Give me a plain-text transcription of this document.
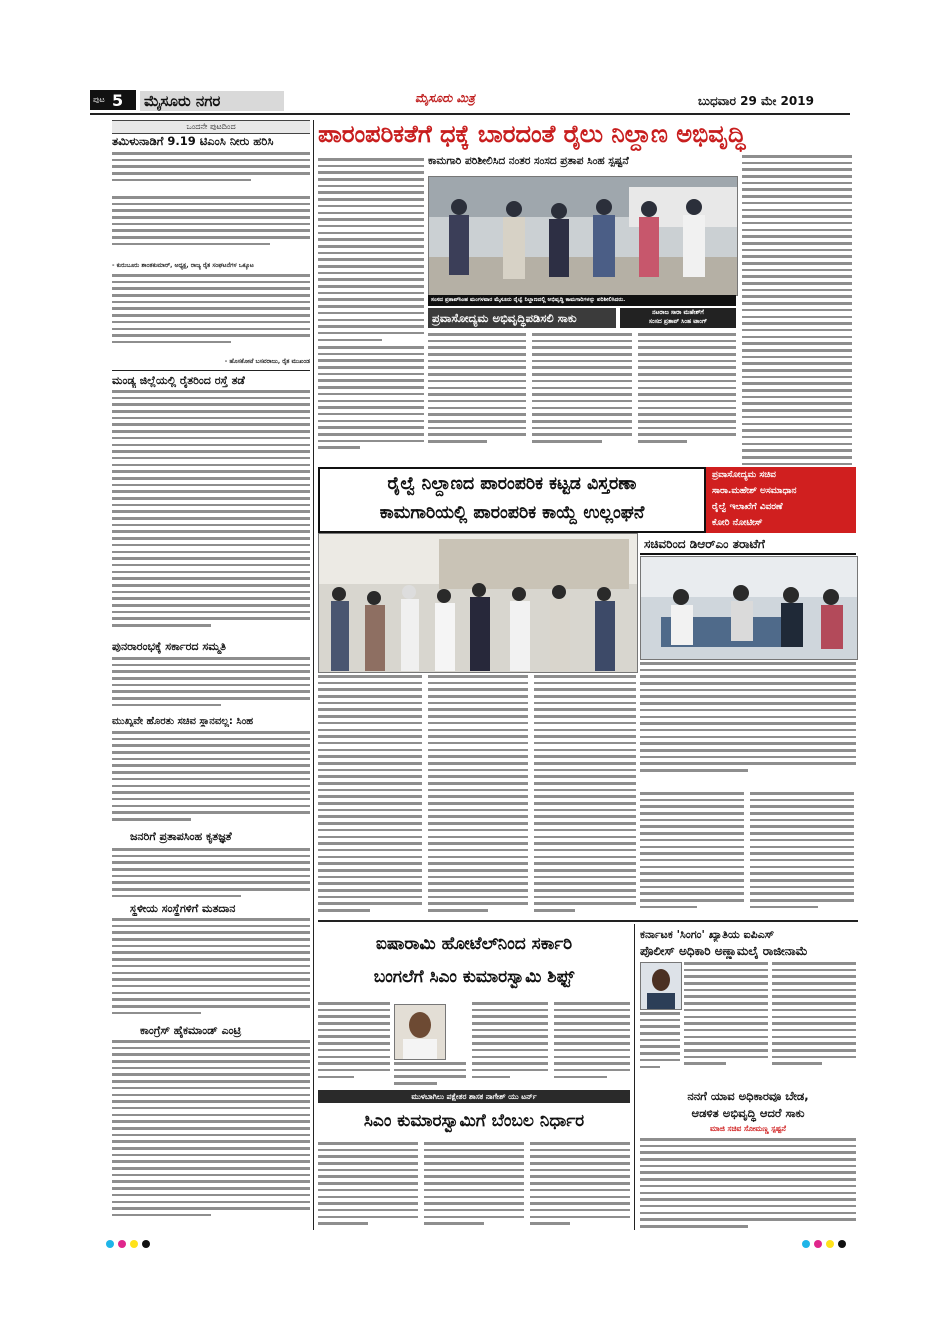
ಪುಟ 5 ಮೈಸೂರು ನಗರ	ಮೈಸೂರು ಮಿತ್ರ	ಬುಧವಾರ 29 ಮೇ 2019
ಒಂದನೇ ಪುಟದಿಂದ
ತಮಿಳುನಾಡಿಗೆ 9.19 ಟಿಎಂಸಿ ನೀರು ಹರಿಸಿ
- ಕುರುಬೂರು ಶಾಂತಕುಮಾರ್, ಅಧ್ಯಕ್ಷ, ರಾಜ್ಯ ರೈತ ಸಂಘಟನೆಗಳ ಒಕ್ಕೂಟ
- ಹೊಸಕೋಟೆ ಬಸವರಾಜು, ರೈತ ಮುಖಂಡ
ಮಂಡ್ಯ ಜಿಲ್ಲೆಯಲ್ಲಿ ರೈತರಿಂದ ರಸ್ತೆ ತಡೆ
ಪುನರಾರಂಭಕ್ಕೆ ಸರ್ಕಾರದ ಸಮ್ಮತಿ
ಮುಖ್ಯವೇ ಹೊರತು ಸಚಿವ ಸ್ಥಾನವಲ್ಲ: ಸಿಂಹ
ಜನರಿಗೆ ಪ್ರತಾಪಸಿಂಹ ಕೃತಜ್ಞತೆ
ಸ್ಥಳೀಯ ಸಂಸ್ಥೆಗಳಿಗೆ ಮತದಾನ
ಕಾಂಗ್ರೆಸ್ ಹೈಕಮಾಂಡ್ ಎಂಟ್ರಿ
ಪಾರಂಪರಿಕತೆಗೆ ಧಕ್ಕೆ ಬಾರದಂತೆ ರೈಲು ನಿಲ್ದಾಣ ಅಭಿವೃದ್ಧಿ
ಕಾಮಗಾರಿ ಪರಿಶೀಲಿಸಿದ ನಂತರ ಸಂಸದ ಪ್ರತಾಪ ಸಿಂಹ ಸ್ಪಷ್ಟನೆ
ಸಂಸದ ಪ್ರತಾಪ್‍ಸಿಂಹ ಮಂಗಳವಾರ ಮೈಸೂರು ರೈಲ್ವೆ ನಿಲ್ದಾಣದಲ್ಲಿ ಅಭಿವೃದ್ಧಿ ಕಾಮಗಾರಿಗಳನ್ನು ಪರಿಶೀಲಿಸಿದರು.
ಪ್ರವಾಸೋದ್ಯಮ ಅಭಿವೃದ್ಧಿಪಡಿಸಲಿ ಸಾಕು	ನಟರಾಜ ಸಾರಾ ಮಹೇಶ್‍ಗೆ
ಸಂಸದ ಪ್ರತಾಪ್ ಸಿಂಹ ಟಾಂಗ್
ರೈಲ್ವೆ ನಿಲ್ದಾಣದ ಪಾರಂಪರಿಕ ಕಟ್ಟಡ ವಿಸ್ತರಣಾ
ಕಾಮಗಾರಿಯಲ್ಲಿ ಪಾರಂಪರಿಕ ಕಾಯ್ದೆ ಉಲ್ಲಂಘನೆ
ಪ್ರವಾಸೋದ್ಯಮ ಸಚಿವ
ಸಾರಾ.ಮಹೇಶ್ ಅಸಮಾಧಾನ
ರೈಲ್ವೆ ಇಲಾಖೆಗೆ ವಿವರಣೆ
ಕೋರಿ ನೋಟೀಸ್
ಸಚಿವರಿಂದ ಡಿಆರ್‍ಎಂ ತರಾಟೆಗೆ
ಐಷಾರಾಮಿ ಹೋಟೆಲ್‍ನಿಂದ ಸರ್ಕಾರಿ
ಬಂಗಲೆಗೆ ಸಿಎಂ ಕುಮಾರಸ್ವಾಮಿ ಶಿಫ್ಟ್
ಮುಳಬಾಗಿಲು ಪಕ್ಷೇತರ ಶಾಸಕ ನಾಗೇಶ್ ಯು ಟರ್ನ್
ಸಿಎಂ ಕುಮಾರಸ್ವಾಮಿಗೆ ಬೆಂಬಲ ನಿರ್ಧಾರ
ಕರ್ನಾಟಕ 'ಸಿಂಗಂ' ಖ್ಯಾತಿಯ ಐಪಿಎಸ್
ಪೊಲೀಸ್ ಅಧಿಕಾರಿ ಅಣ್ಣಾಮಲೈ ರಾಜೀನಾಮೆ
ನನಗೆ ಯಾವ ಅಧಿಕಾರವೂ ಬೇಡ,
ಆಡಳಿತ ಅಭಿವೃದ್ಧಿ ಆದರೆ ಸಾಕು
ಮಾಜಿ ಸಚಿವ ಸೋಮಣ್ಣ ಸ್ಪಷ್ಟನೆ
